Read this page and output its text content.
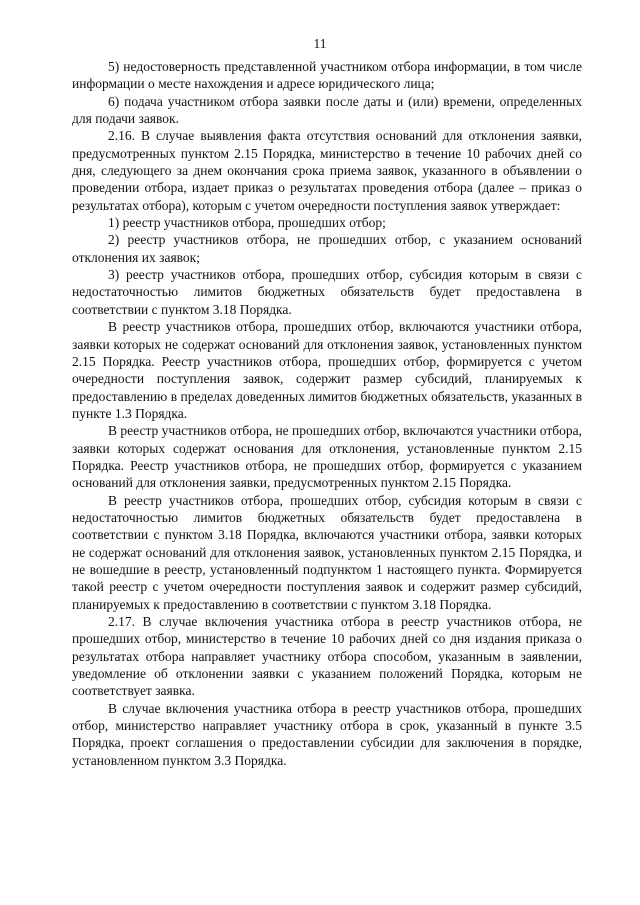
11

5) недостоверность представленной участником отбора информации, в том числе информации о месте нахождения и адресе юридического лица;

6) подача участником отбора заявки после даты и (или) времени, определенных для подачи заявок.

2.16. В случае выявления факта отсутствия оснований для отклонения заявки, предусмотренных пунктом 2.15 Порядка, министерство в течение 10 рабочих дней со дня, следующего за днем окончания срока приема заявок, указанного в объявлении о проведении отбора, издает приказ о результатах проведения отбора (далее – приказ о результатах отбора), которым с учетом очередности поступления заявок утверждает:

1) реестр участников отбора, прошедших отбор;

2) реестр участников отбора, не прошедших отбор, с указанием оснований отклонения их заявок;

3) реестр участников отбора, прошедших отбор, субсидия которым в связи с недостаточностью лимитов бюджетных обязательств будет предоставлена в соответствии с пунктом 3.18 Порядка.

В реестр участников отбора, прошедших отбор, включаются участники отбора, заявки которых не содержат оснований для отклонения заявок, установленных пунктом 2.15 Порядка. Реестр участников отбора, прошедших отбор, формируется с учетом очередности поступления заявок, содержит размер субсидий, планируемых к предоставлению в пределах доведенных лимитов бюджетных обязательств, указанных в пункте 1.3 Порядка.

В реестр участников отбора, не прошедших отбор, включаются участники отбора, заявки которых содержат основания для отклонения, установленные пунктом 2.15 Порядка. Реестр участников отбора, не прошедших отбор, формируется с указанием оснований для отклонения заявки, предусмотренных пунктом 2.15 Порядка.

В реестр участников отбора, прошедших отбор, субсидия которым в связи с недостаточностью лимитов бюджетных обязательств будет предоставлена в соответствии с пунктом 3.18 Порядка, включаются участники отбора, заявки которых не содержат оснований для отклонения заявок, установленных пунктом 2.15 Порядка, и не вошедшие в реестр, установленный подпунктом 1 настоящего пункта. Формируется такой реестр с учетом очередности поступления заявок и содержит размер субсидий, планируемых к предоставлению в соответствии с пунктом 3.18 Порядка.

2.17. В случае включения участника отбора в реестр участников отбора, не прошедших отбор, министерство в течение 10 рабочих дней со дня издания приказа о результатах отбора направляет участнику отбора способом, указанным в заявлении, уведомление об отклонении заявки с указанием положений Порядка, которым не соответствует заявка.

В случае включения участника отбора в реестр участников отбора, прошедших отбор, министерство направляет участнику отбора в срок, указанный в пункте 3.5 Порядка, проект соглашения о предоставлении субсидии для заключения в порядке, установленном пунктом 3.3 Порядка.
